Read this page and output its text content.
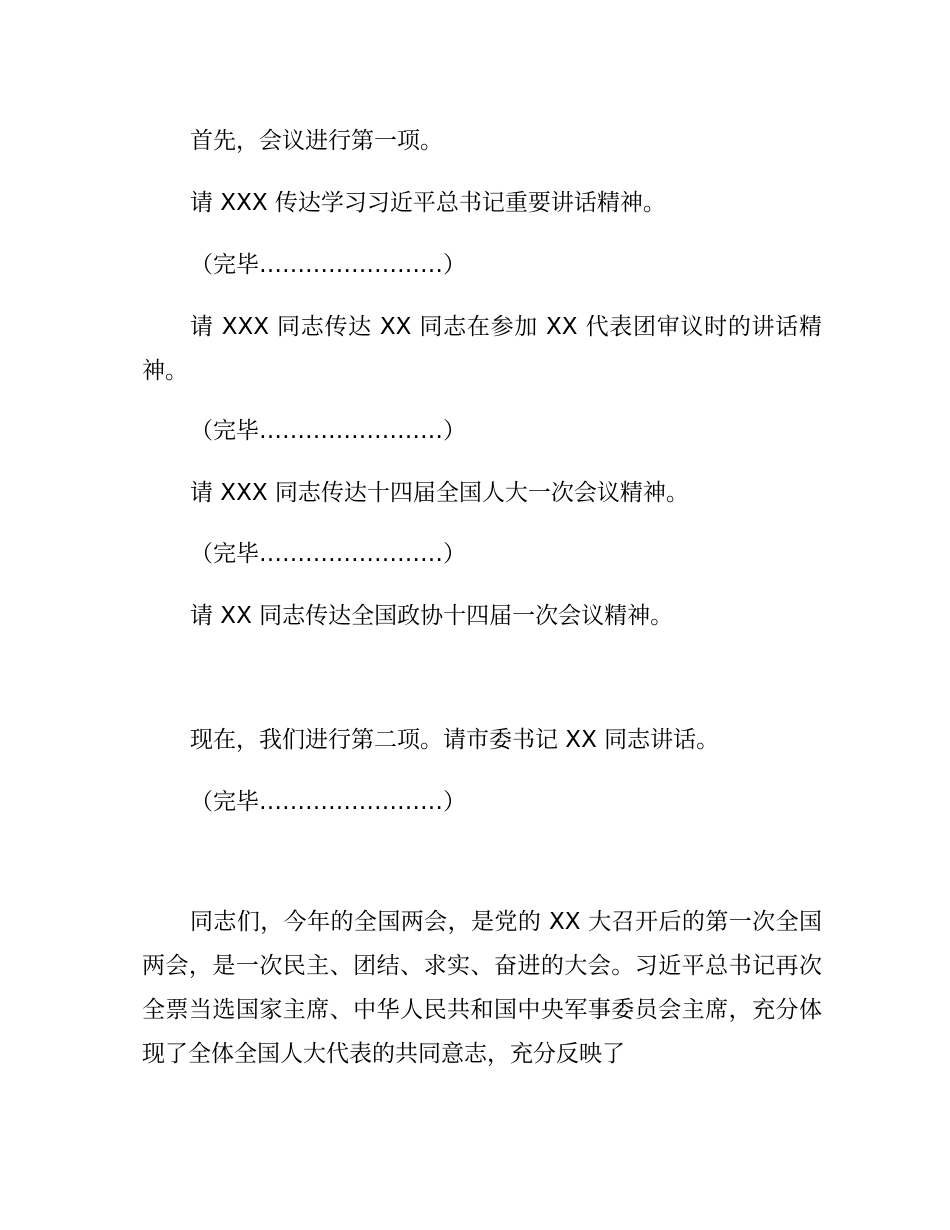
首先，会议进行第一项。
请 XXX 传达学习习近平总书记重要讲话精神。
（完毕……………………）
请 XXX 同志传达 XX 同志在参加 XX 代表团审议时的讲话精神。
（完毕……………………）
请 XXX 同志传达十四届全国人大一次会议精神。
（完毕……………………）
请 XX 同志传达全国政协十四届一次会议精神。
现在，我们进行第二项。请市委书记 XX 同志讲话。
（完毕……………………）
同志们，今年的全国两会，是党的 XX 大召开后的第一次全国两会，是一次民主、团结、求实、奋进的大会。习近平总书记再次全票当选国家主席、中华人民共和国中央军事委员会主席，充分体现了全体全国人大代表的共同意志，充分反映了
